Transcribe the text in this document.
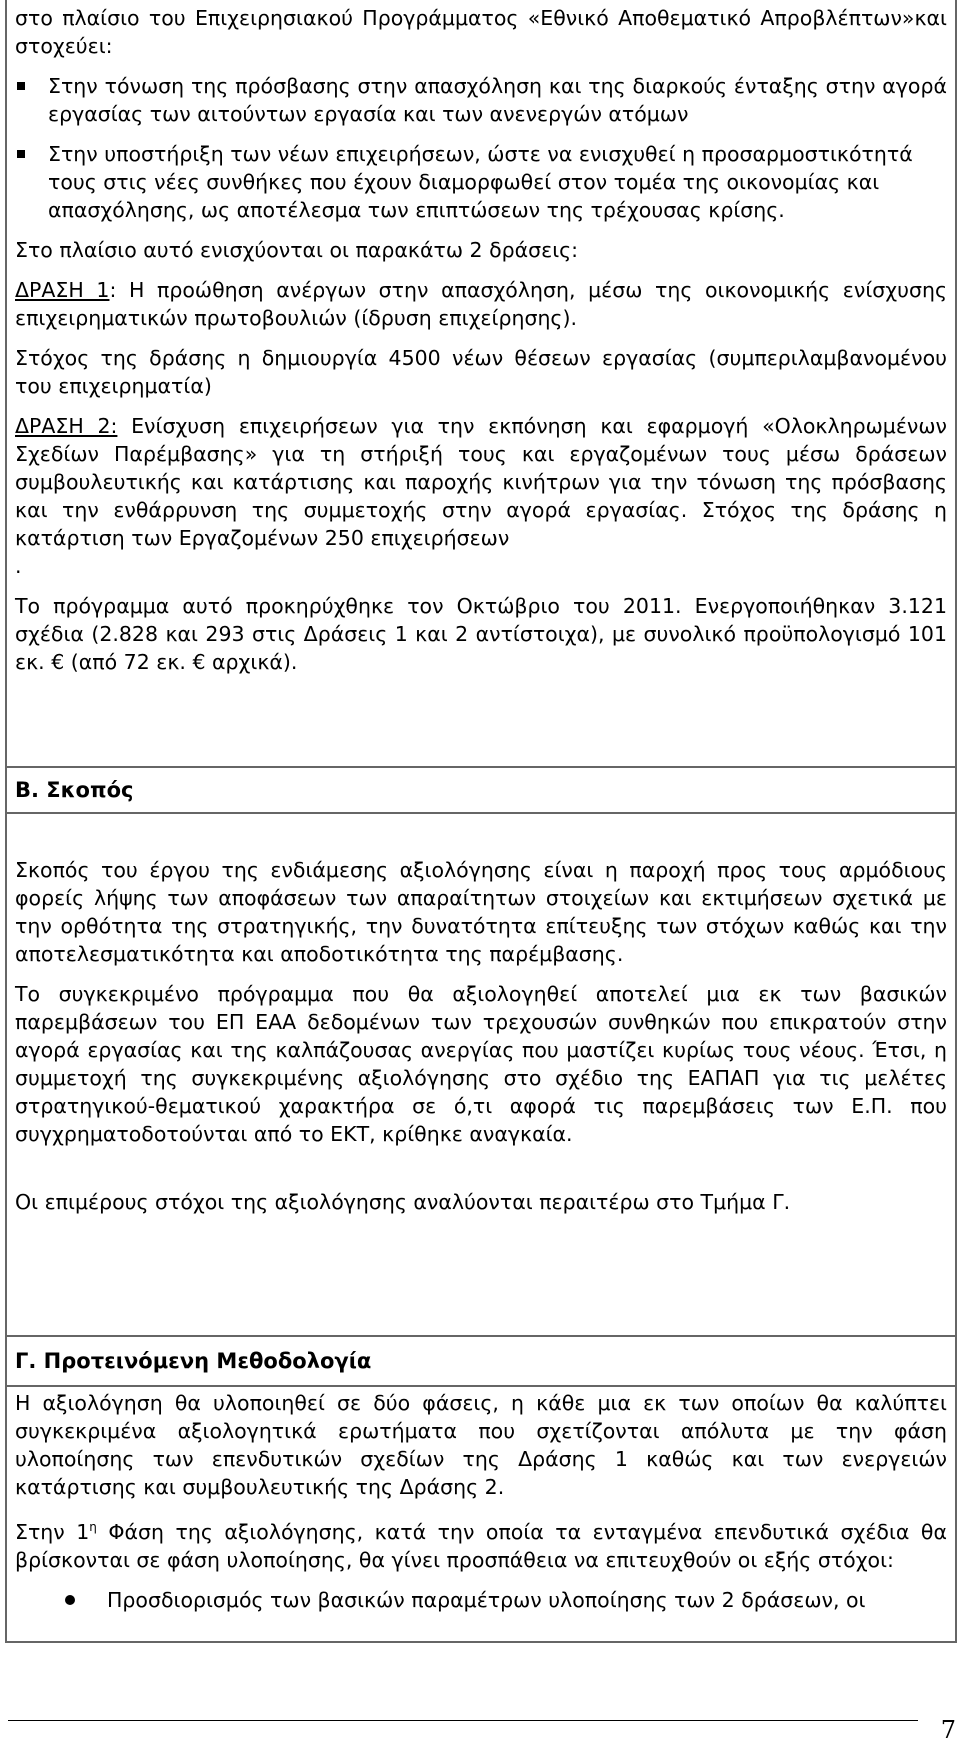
στο πλαίσιο του Επιχειρησιακού Προγράμματος «Εθνικό Αποθεματικό Απροβλέπτων»και στοχεύει:

Στην τόνωση της πρόσβασης στην απασχόληση και της διαρκούς ένταξης στην αγορά εργασίας των αιτούντων εργασία και των ανενεργών ατόμων

Στην υποστήριξη των νέων επιχειρήσεων, ώστε να ενισχυθεί η προσαρμοστικότητά τους στις νέες συνθήκες που έχουν διαμορφωθεί στον τομέα της οικονομίας και απασχόλησης, ως αποτέλεσμα των επιπτώσεων της τρέχουσας κρίσης.

Στο πλαίσιο αυτό ενισχύονται οι παρακάτω 2 δράσεις:

ΔΡΑΣΗ 1: Η προώθηση ανέργων στην απασχόληση, μέσω της οικονομικής ενίσχυσης επιχειρηματικών πρωτοβουλιών (ίδρυση επιχείρησης).

Στόχος της δράσης η δημιουργία 4500 νέων θέσεων εργασίας (συμπεριλαμβανομένου του επιχειρηματία)

ΔΡΑΣΗ 2: Ενίσχυση επιχειρήσεων για την εκπόνηση και εφαρμογή «Ολοκληρωμένων Σχεδίων Παρέμβασης» για τη στήριξή τους και εργαζομένων τους μέσω δράσεων συμβουλευτικής και κατάρτισης και παροχής κινήτρων για την τόνωση της πρόσβασης και την ενθάρρυνση της συμμετοχής στην αγορά εργασίας. Στόχος της δράσης η κατάρτιση των Εργαζομένων 250 επιχειρήσεων
.

Το πρόγραμμα αυτό προκηρύχθηκε τον Οκτώβριο του 2011. Ενεργοποιήθηκαν 3.121 σχέδια (2.828 και 293 στις Δράσεις 1 και 2 αντίστοιχα), με συνολικό προϋπολογισμό 101 εκ. € (από 72 εκ. € αρχικά).

Β. Σκοπός

Σκοπός του έργου της ενδιάμεσης αξιολόγησης είναι η παροχή προς τους αρμόδιους φορείς λήψης των αποφάσεων των απαραίτητων στοιχείων και εκτιμήσεων σχετικά με την ορθότητα της στρατηγικής, την δυνατότητα επίτευξης των στόχων καθώς και την αποτελεσματικότητα και αποδοτικότητα της παρέμβασης.

Το συγκεκριμένο πρόγραμμα που θα αξιολογηθεί αποτελεί μια εκ των βασικών παρεμβάσεων του ΕΠ ΕΑΑ δεδομένων των τρεχουσών συνθηκών που επικρατούν στην αγορά εργασίας και της καλπάζουσας ανεργίας που μαστίζει κυρίως τους νέους. Έτσι, η συμμετοχή της συγκεκριμένης αξιολόγησης στο σχέδιο της ΕΑΠΑΠ για τις μελέτες στρατηγικού-θεματικού χαρακτήρα σε ό,τι αφορά τις παρεμβάσεις των Ε.Π. που συγχρηματοδοτούνται από το ΕΚΤ, κρίθηκε αναγκαία.

Οι επιμέρους στόχοι της αξιολόγησης αναλύονται περαιτέρω στο Τμήμα Γ.

Γ. Προτεινόμενη Μεθοδολογία

Η αξιολόγηση θα υλοποιηθεί σε δύο φάσεις, η κάθε μια εκ των οποίων θα καλύπτει συγκεκριμένα αξιολογητικά ερωτήματα που σχετίζονται απόλυτα με την φάση υλοποίησης των επενδυτικών σχεδίων της Δράσης 1 καθώς και των ενεργειών κατάρτισης και συμβουλευτικής της Δράσης 2.

Στην $1^\eta$ Φάση της αξιολόγησης, κατά την οποία τα ενταγμένα επενδυτικά σχέδια θα βρίσκονται σε φάση υλοποίησης, θα γίνει προσπάθεια να επιτευχθούν οι εξής στόχοι:

Προσδιορισμός των βασικών παραμέτρων υλοποίησης των 2 δράσεων, οι

7
